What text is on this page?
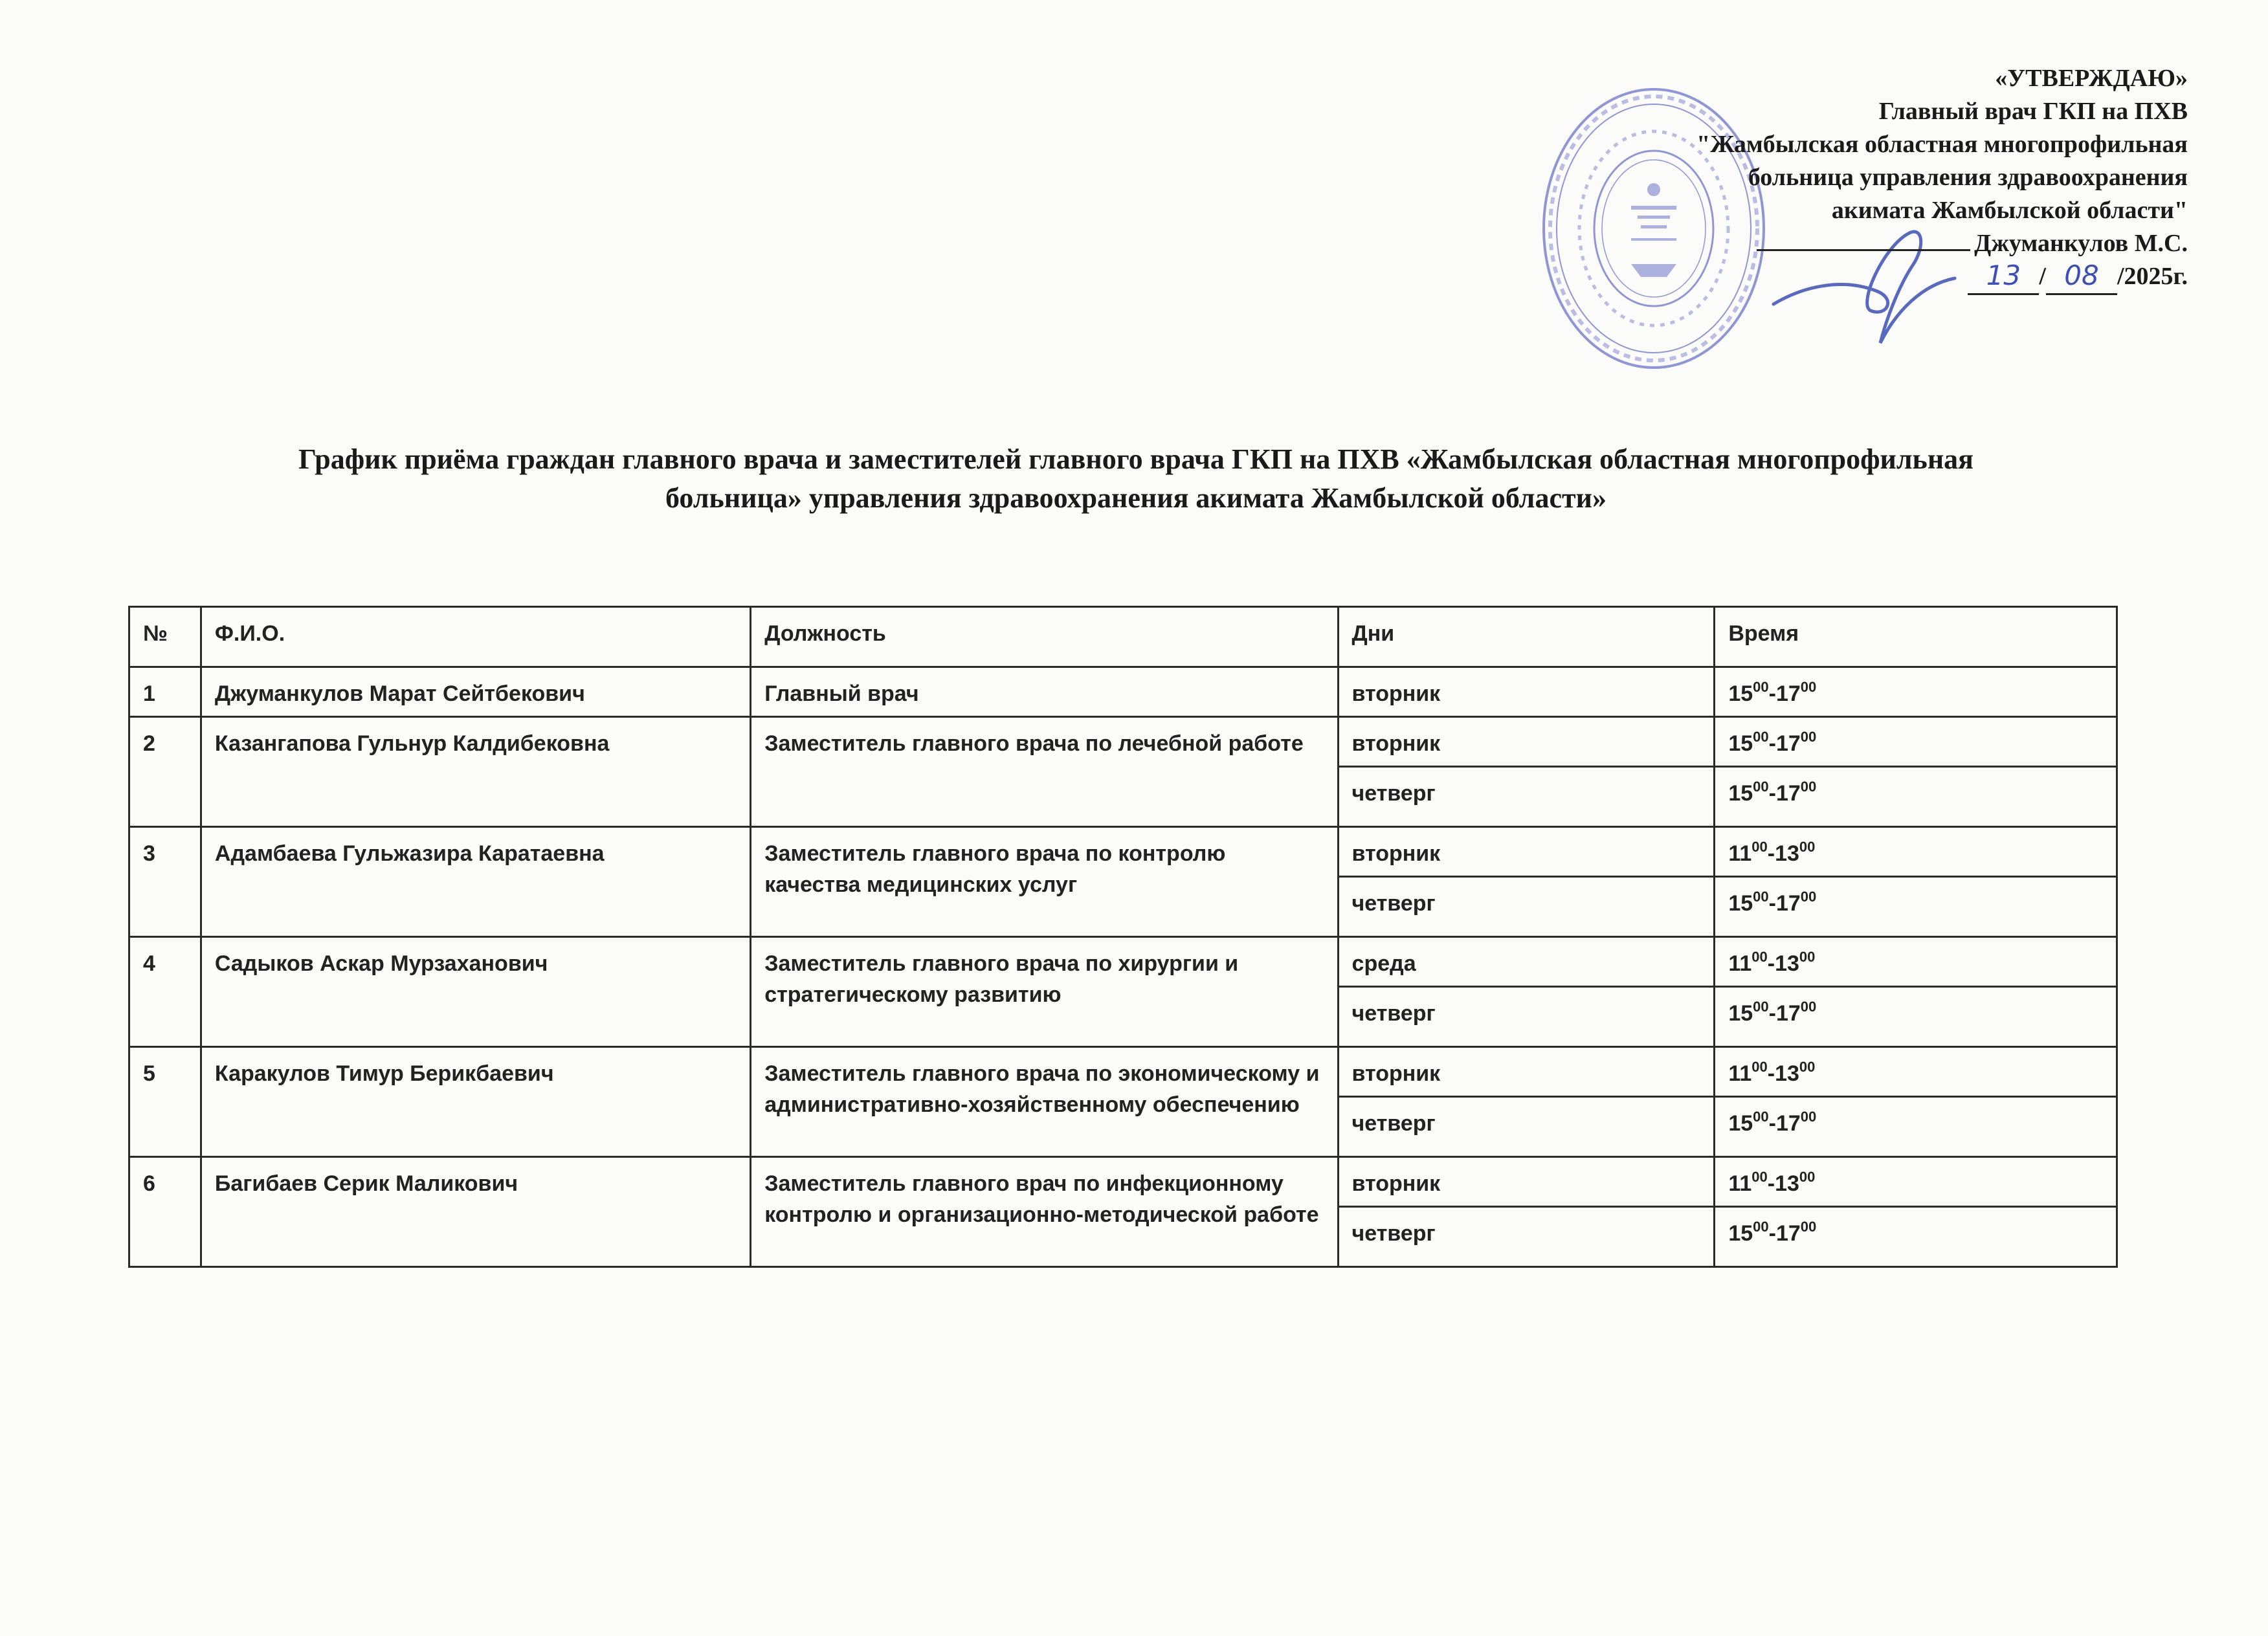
«УТВЕРЖДАЮ»
Главный врач ГКП на ПХВ
"Жамбылская областная многопрофильная
больница управления здравоохранения
акимата Жамбылской области"
Джуманкулов М.С.
13 / 08 /2025г.
График приёма граждан главного врача и заместителей главного врача ГКП на ПХВ «Жамбылская областная многопрофильная
больница» управления здравоохранения акимата Жамбылской области»
№	Ф.И.О.	Должность	Дни	Время
1	Джуманкулов Марат Сейтбекович	Главный врач	вторник	$15^{00}-17^{00}$
2	Казангапова Гульнур Калдибековна	Заместитель главного врача по лечебной работе	вторник	$15^{00}-17^{00}$
			четверг	$15^{00}-17^{00}$
3	Адамбаева Гульжазира Каратаевна	Заместитель главного врача по контролю качества медицинских услуг	вторник	$11^{00}-13^{00}$
			четверг	$15^{00}-17^{00}$
4	Садыков Аскар Мурзаханович	Заместитель главного врача по хирургии и стратегическому развитию	среда	$11^{00}-13^{00}$
			четверг	$15^{00}-17^{00}$
5	Каракулов Тимур Берикбаевич	Заместитель главного врача по экономическому и административно-хозяйственному обеспечению	вторник	$11^{00}-13^{00}$
			четверг	$15^{00}-17^{00}$
6	Багибаев Серик Маликович	Заместитель главного врач по инфекционному контролю и организационно-методической работе	вторник	$11^{00}-13^{00}$
			четверг	$15^{00}-17^{00}$
